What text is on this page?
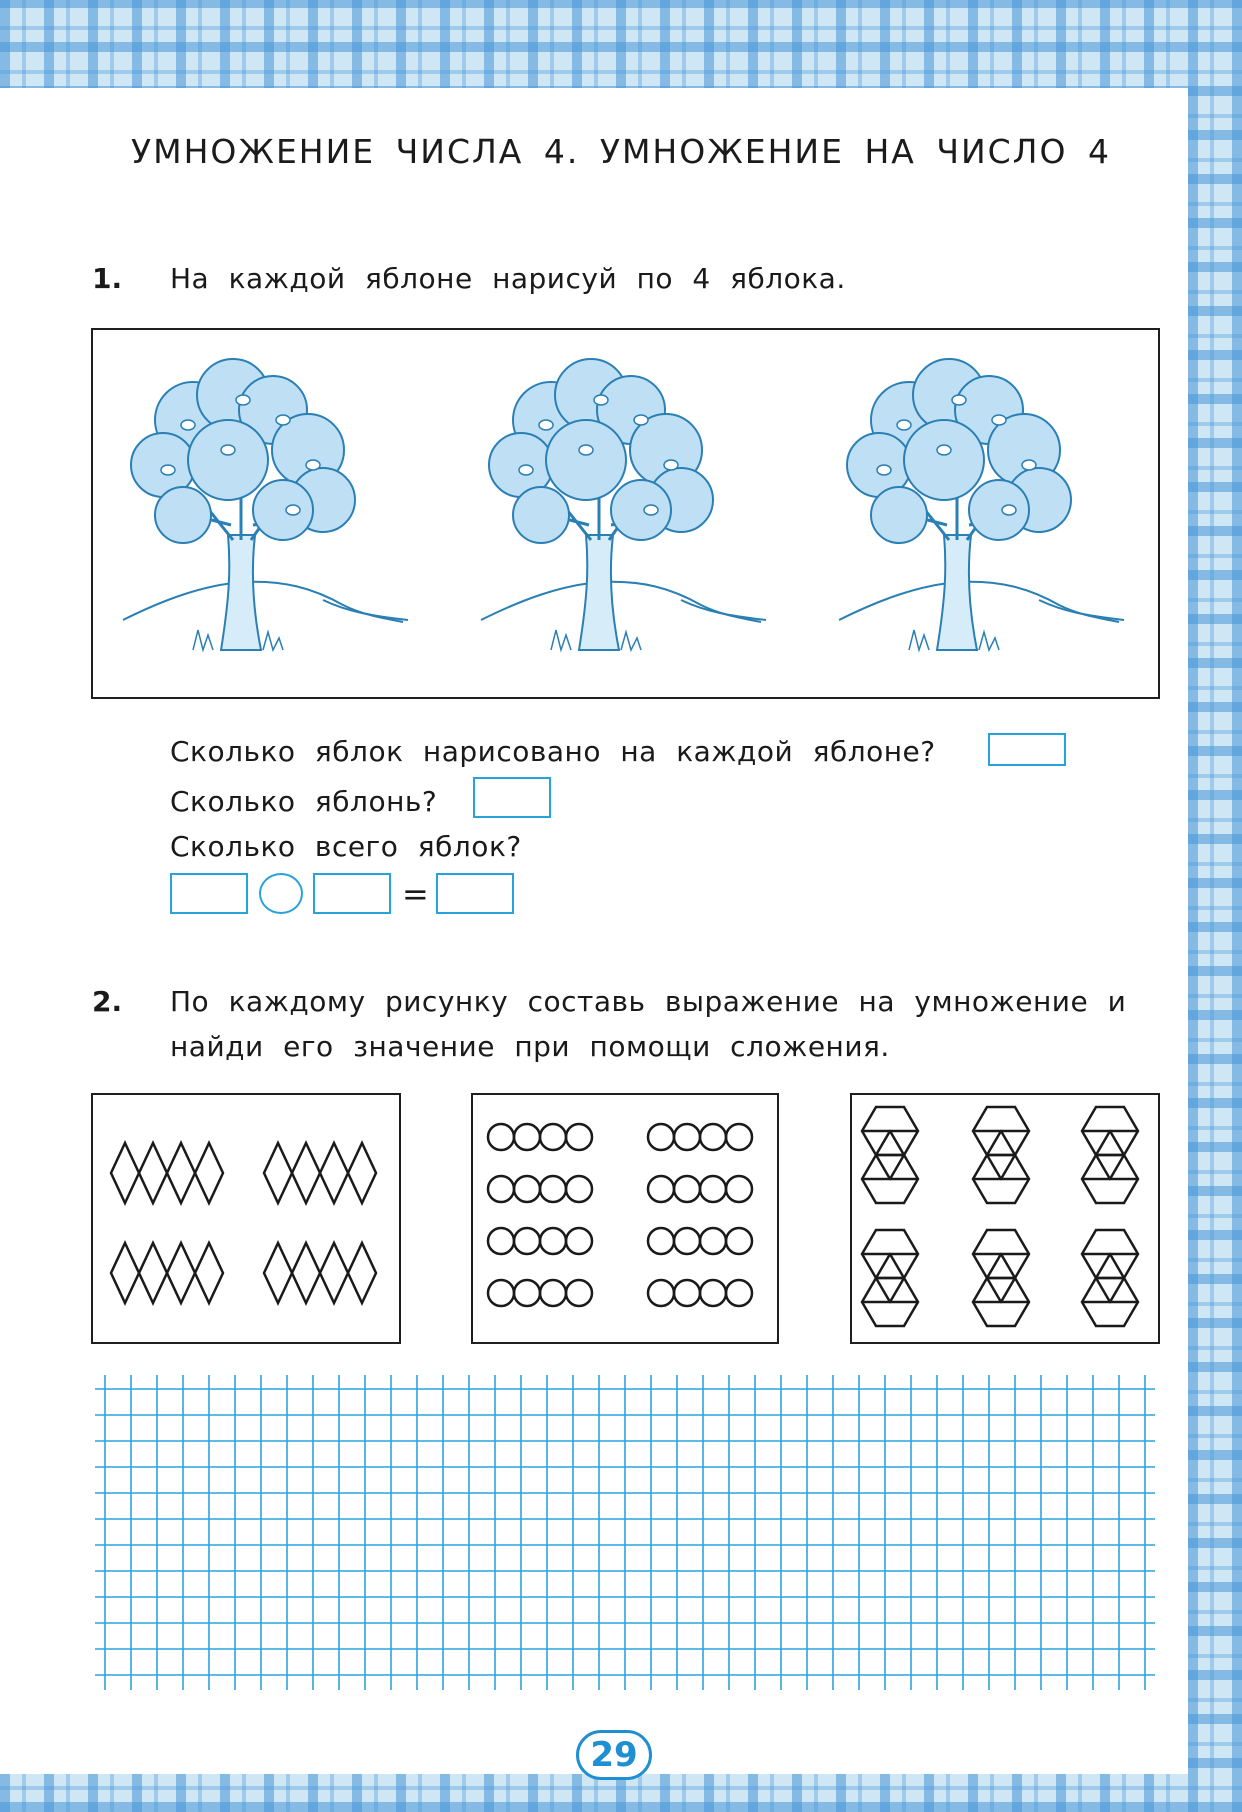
УМНОЖЕНИЕ ЧИСЛА 4. УМНОЖЕНИЕ НА ЧИСЛО 4
1. На каждой яблоне нарисуй по 4 яблока.
Сколько яблок нарисовано на каждой яблоне?
Сколько яблонь?
Сколько всего яблок?
=
2. По каждому рисунку составь выражение на умножение и
найди его значение при помощи сложения.
29
